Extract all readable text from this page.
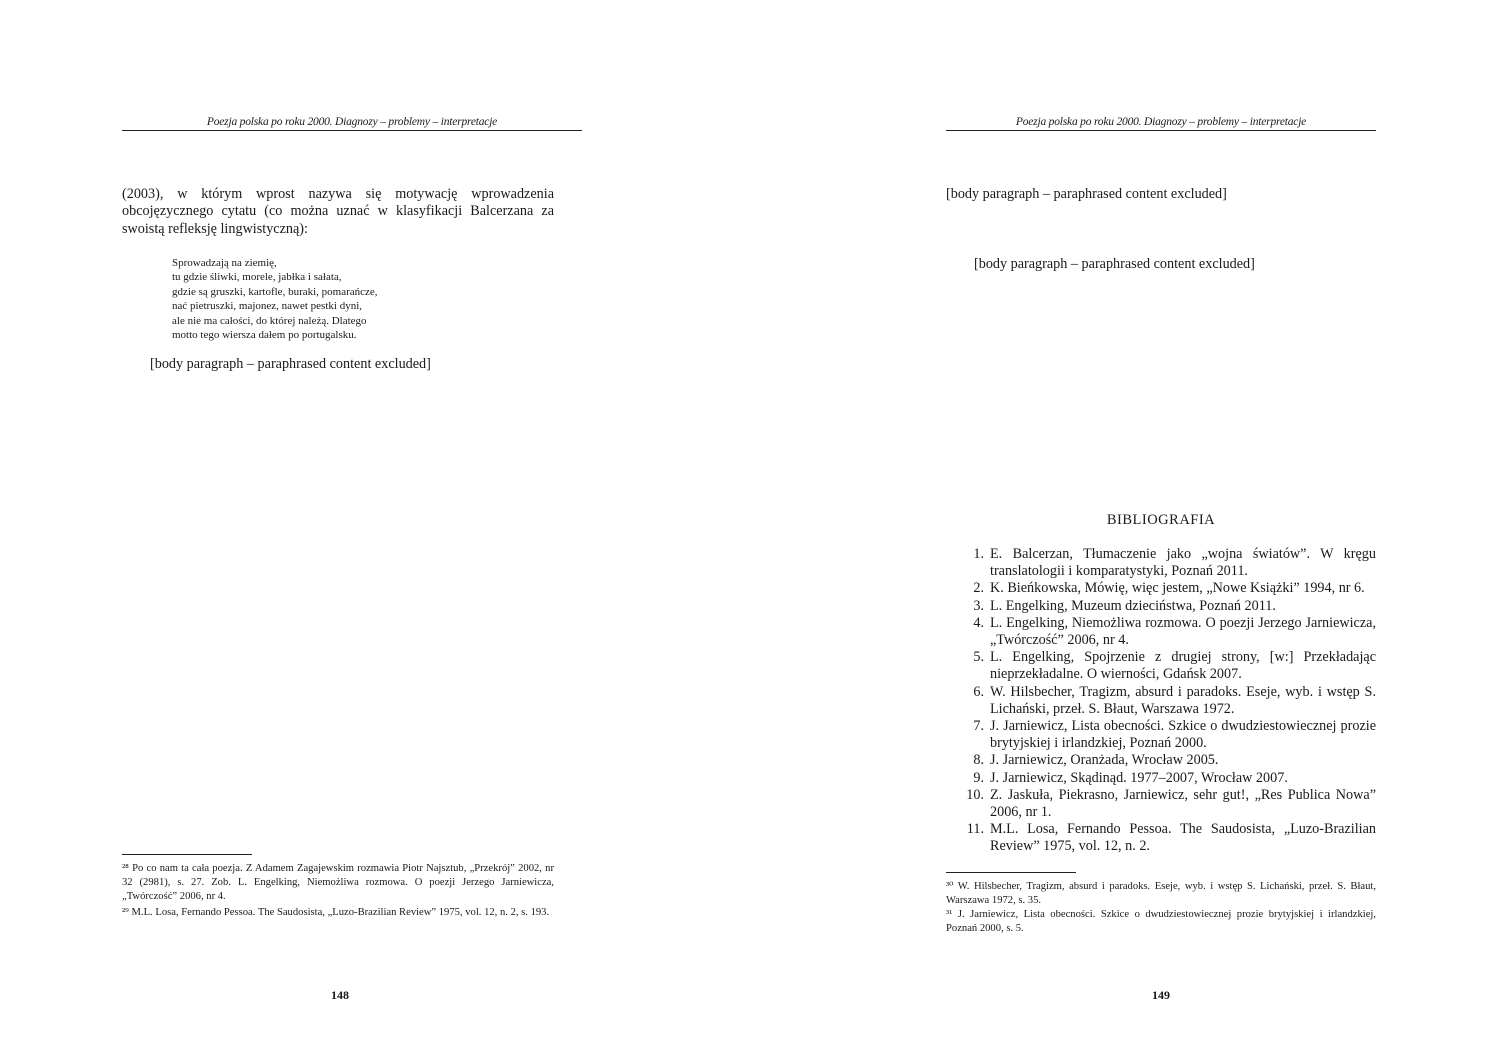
Poezja polska po roku 2000. Diagnozy – problemy – interpretacje

(2003), w którym wprost nazywa się motywację wprowadzenia obcojęzycznego cytatu (co można uznać w klasyfikacji Balcerzana za swoistą refleksję lingwistyczną):

Sprowadzają na ziemię,
tu gdzie śliwki, morele, jabłka i sałata,
gdzie są gruszki, kartofle, buraki, pomarańcze,
nać pietruszki, majonez, nawet pestki dyni,
ale nie ma całości, do której należą. Dlatego
motto tego wiersza dałem po portugalsku.

[body paragraph – paraphrased content excluded]

²⁸ Po co nam ta cała poezja. Z Adamem Zagajewskim rozmawia Piotr Najsztub, „Przekrój” 2002, nr 32 (2981), s. 27. Zob. L. Engelking, Niemożliwa rozmowa. O poezji Jerzego Jarniewicza, „Twórczość” 2006, nr 4.
²⁹ M.L. Losa, Fernando Pessoa. The Saudosista, „Luzo-Brazilian Review” 1975, vol. 12, n. 2, s. 193.
148
Poezja polska po roku 2000. Diagnozy – problemy – interpretacje

[body paragraph – paraphrased content excluded]

[body paragraph – paraphrased content excluded]

BIBLIOGRAFIA
1. E. Balcerzan, Tłumaczenie jako „wojna światów”. W kręgu translatologii i komparatystyki, Poznań 2011.
2. K. Bieńkowska, Mówię, więc jestem, „Nowe Książki” 1994, nr 6.
3. L. Engelking, Muzeum dzieciństwa, Poznań 2011.
4. L. Engelking, Niemożliwa rozmowa. O poezji Jerzego Jarniewicza, „Twórczość” 2006, nr 4.
5. L. Engelking, Spojrzenie z drugiej strony, [w:] Przekładając nieprzekładalne. O wierności, Gdańsk 2007.
6. W. Hilsbecher, Tragizm, absurd i paradoks. Eseje, wyb. i wstęp S. Lichański, przeł. S. Błaut, Warszawa 1972.
7. J. Jarniewicz, Lista obecności. Szkice o dwudziestowiecznej prozie brytyjskiej i irlandzkiej, Poznań 2000.
8. J. Jarniewicz, Oranżada, Wrocław 2005.
9. J. Jarniewicz, Skądinąd. 1977–2007, Wrocław 2007.
10. Z. Jaskuła, Piekrasno, Jarniewicz, sehr gut!, „Res Publica Nowa” 2006, nr 1.
11. M.L. Losa, Fernando Pessoa. The Saudosista, „Luzo-Brazilian Review” 1975, vol. 12, n. 2.
³⁰ W. Hilsbecher, Tragizm, absurd i paradoks. Eseje, wyb. i wstęp S. Lichański, przeł. S. Błaut, Warszawa 1972, s. 35.
³¹ J. Jarniewicz, Lista obecności. Szkice o dwudziestowiecznej prozie brytyjskiej i irlandzkiej, Poznań 2000, s. 5.
149
